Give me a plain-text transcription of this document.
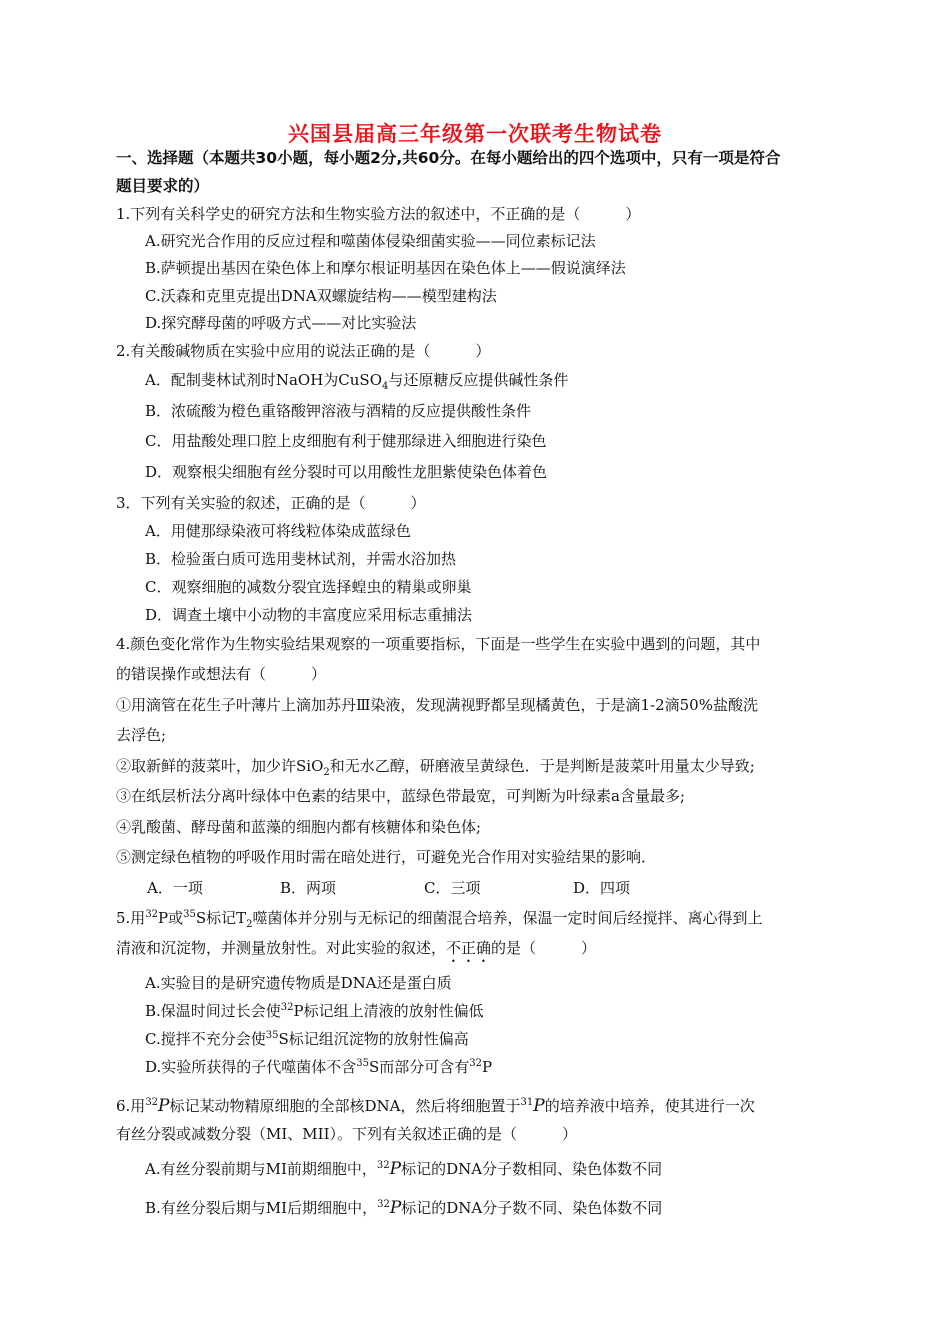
兴国县届高三年级第一次联考生物试卷
一、选择题（本题共30小题，每小题2分,共60分。在每小题给出的四个选项中，只有一项是符合
题目要求的）
1.下列有关科学史的研究方法和生物实验方法的叙述中，不正确的是（　　　）
A.研究光合作用的反应过程和噬菌体侵染细菌实验——同位素标记法
B.萨顿提出基因在染色体上和摩尔根证明基因在染色体上——假说演绎法
C.沃森和克里克提出DNA双螺旋结构——模型建构法
D.探究酵母菌的呼吸方式——对比实验法
2.有关酸碱物质在实验中应用的说法正确的是（　　　）
A．配制斐林试剂时NaOH为CuSO$_4$与还原糖反应提供碱性条件
B．浓硫酸为橙色重铬酸钾溶液与酒精的反应提供酸性条件
C．用盐酸处理口腔上皮细胞有利于健那绿进入细胞进行染色
D．观察根尖细胞有丝分裂时可以用酸性龙胆紫使染色体着色
3．下列有关实验的叙述，正确的是（　　　）
A．用健那绿染液可将线粒体染成蓝绿色
B．检验蛋白质可选用斐林试剂，并需水浴加热
C．观察细胞的减数分裂宜选择蝗虫的精巢或卵巢
D．调查土壤中小动物的丰富度应采用标志重捕法
4.颜色变化常作为生物实验结果观察的一项重要指标，下面是一些学生在实验中遇到的问题，其中
的错误操作或想法有（　　　）
①用滴管在花生子叶薄片上滴加苏丹Ⅲ染液，发现满视野都呈现橘黄色，于是滴1-2滴50%盐酸洗
去浮色;
②取新鲜的菠菜叶，加少许SiO$_2$和无水乙醇，研磨液呈黄绿色．于是判断是菠菜叶用量太少导致;
③在纸层析法分离叶绿体中色素的结果中，蓝绿色带最宽，可判断为叶绿素a含量最多;
④乳酸菌、酵母菌和蓝藻的细胞内都有核糖体和染色体;
⑤测定绿色植物的呼吸作用时需在暗处进行，可避免光合作用对实验结果的影响．
A．一项	B．两项	C．三项	D．四项
5.用$^{32}$P或$^{35}$S标记$T_2$噬菌体并分别与无标记的细菌混合培养，保温一定时间后经搅拌、离心得到上
清液和沉淀物，并测量放射性。对此实验的叙述，不正确的是（　　　）
A.实验目的是研究遗传物质是DNA还是蛋白质
B.保温时间过长会使$^{32}$P标记组上清液的放射性偏低
C.搅拌不充分会使$^{35}$S标记组沉淀物的放射性偏高
D.实验所获得的子代噬菌体不含$^{35}$S而部分可含有$^{32}$P
6.用$^{32}$P标记某动物精原细胞的全部核DNA，然后将细胞置于$^{31}$P的培养液中培养，使其进行一次
有丝分裂或减数分裂（MI、MII）。下列有关叙述正确的是（　　　）
A.有丝分裂前期与MI前期细胞中，$^{32}$P标记的DNA分子数相同、染色体数不同
B.有丝分裂后期与MI后期细胞中，$^{32}$P标记的DNA分子数不同、染色体数不同
